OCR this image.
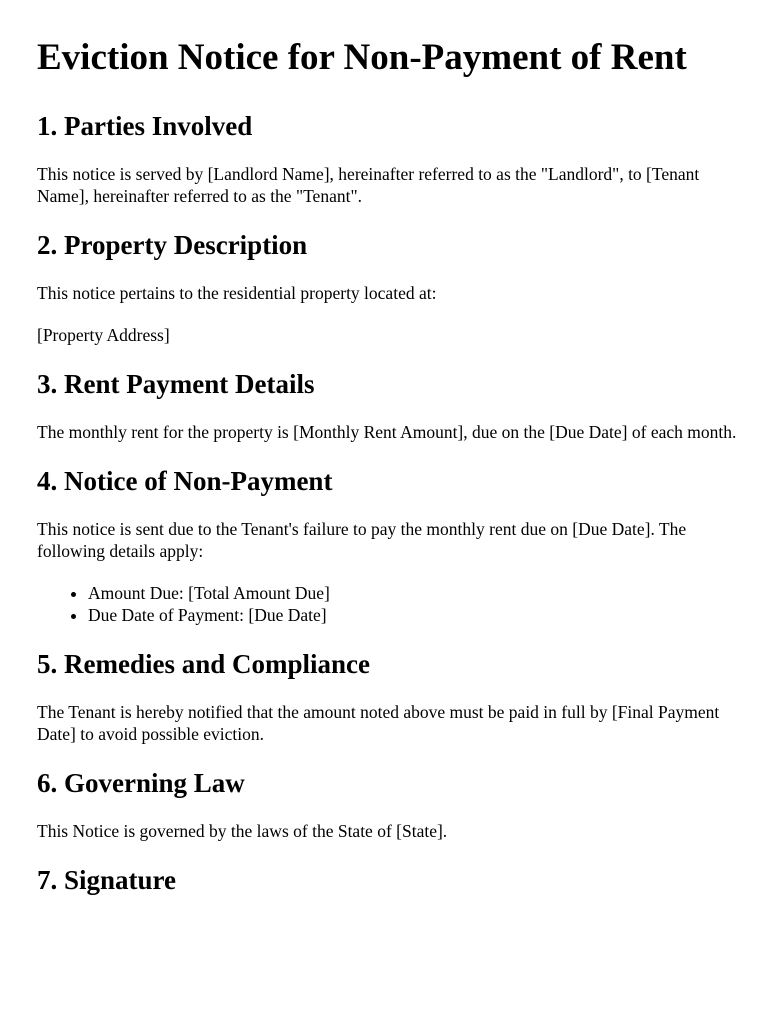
Eviction Notice for Non-Payment of Rent
1. Parties Involved

This notice is served by [Landlord Name], hereinafter referred to as the "Landlord", to [Tenant Name], hereinafter referred to as the "Tenant".

2. Property Description

This notice pertains to the residential property located at:

[Property Address]

3. Rent Payment Details

The monthly rent for the property is [Monthly Rent Amount], due on the [Due Date] of each month.

4. Notice of Non-Payment

This notice is sent due to the Tenant's failure to pay the monthly rent due on [Due Date]. The following details apply:

• Amount Due: [Total Amount Due]
• Due Date of Payment: [Due Date]
5. Remedies and Compliance

The Tenant is hereby notified that the amount noted above must be paid in full by [Final Payment Date] to avoid possible eviction.

6. Governing Law

This Notice is governed by the laws of the State of [State].

7. Signature
